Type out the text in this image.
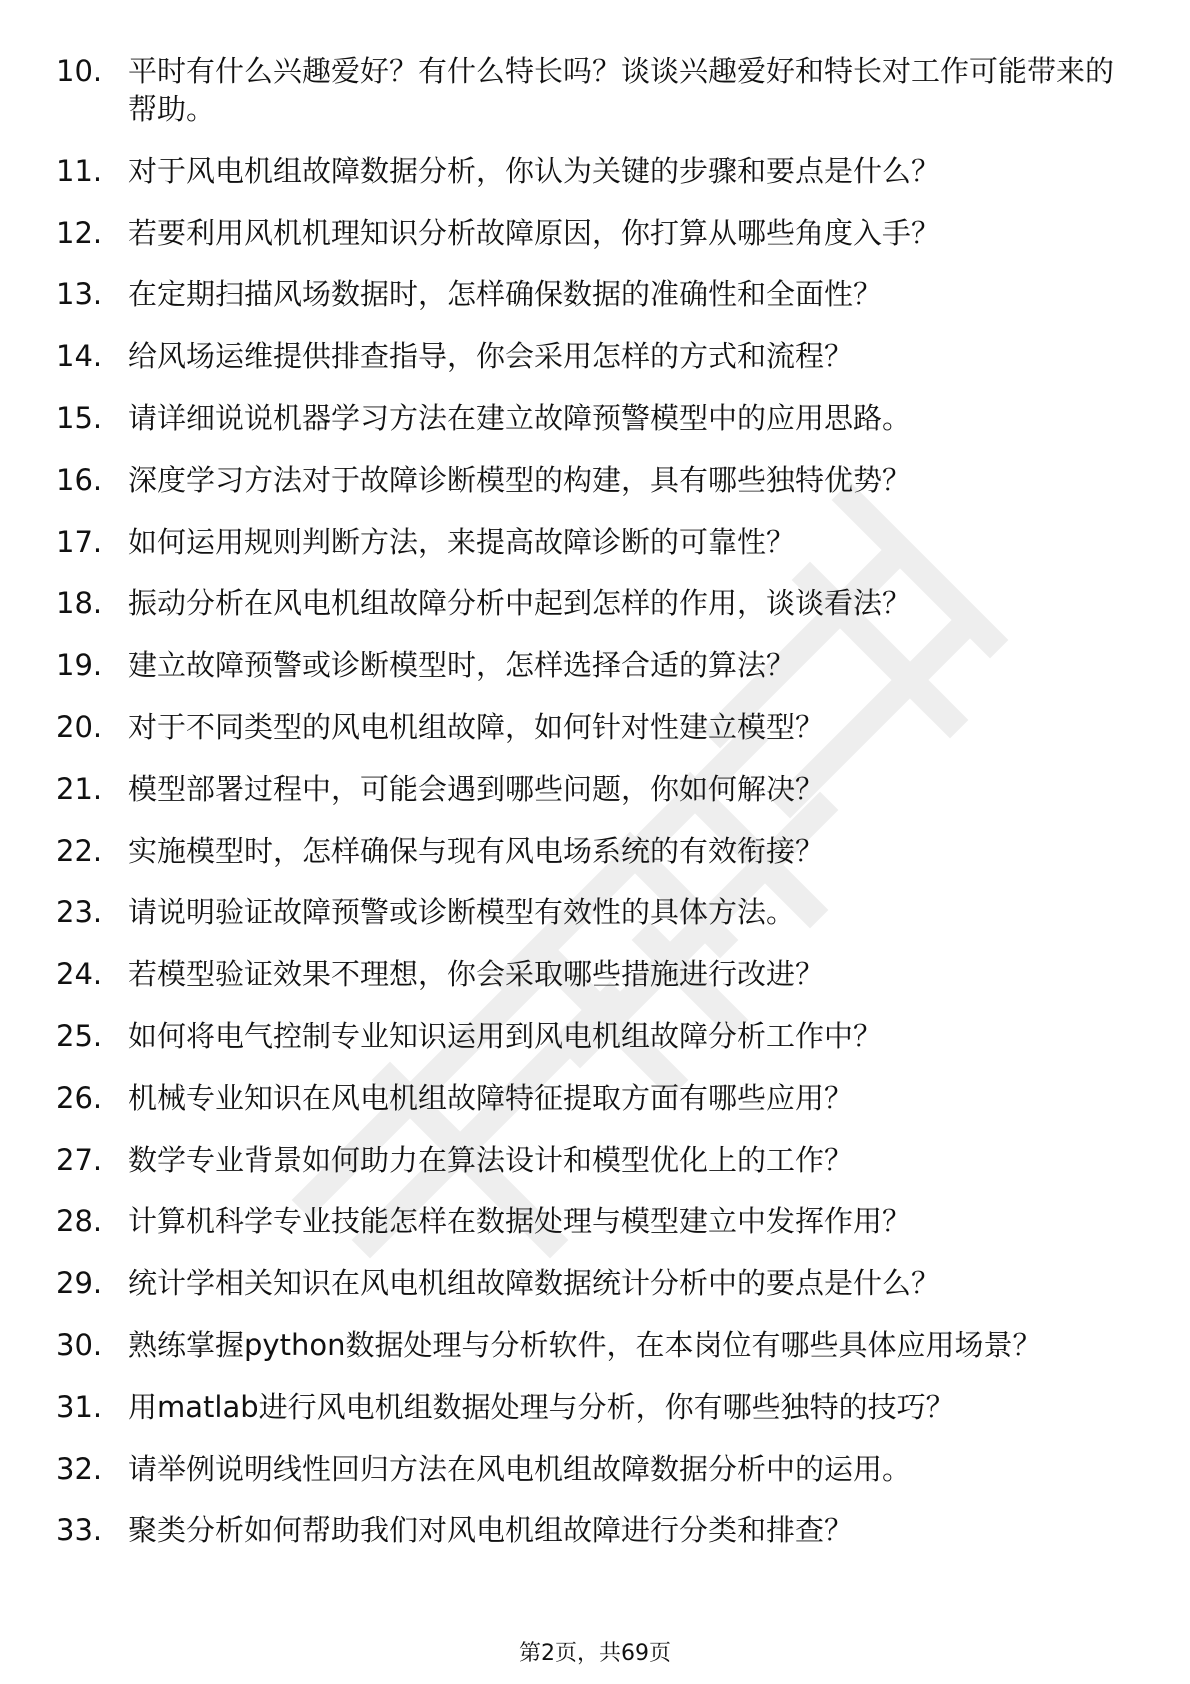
10. 平时有什么兴趣爱好？有什么特长吗？谈谈兴趣爱好和特长对工作可能带来的帮助。
11. 对于风电机组故障数据分析，你认为关键的步骤和要点是什么？
12. 若要利用风机机理知识分析故障原因，你打算从哪些角度入手？
13. 在定期扫描风场数据时，怎样确保数据的准确性和全面性？
14. 给风场运维提供排查指导，你会采用怎样的方式和流程？
15. 请详细说说机器学习方法在建立故障预警模型中的应用思路。
16. 深度学习方法对于故障诊断模型的构建，具有哪些独特优势？
17. 如何运用规则判断方法，来提高故障诊断的可靠性？
18. 振动分析在风电机组故障分析中起到怎样的作用，谈谈看法？
19. 建立故障预警或诊断模型时，怎样选择合适的算法？
20. 对于不同类型的风电机组故障，如何针对性建立模型？
21. 模型部署过程中，可能会遇到哪些问题，你如何解决？
22. 实施模型时，怎样确保与现有风电场系统的有效衔接？
23. 请说明验证故障预警或诊断模型有效性的具体方法。
24. 若模型验证效果不理想，你会采取哪些措施进行改进？
25. 如何将电气控制专业知识运用到风电机组故障分析工作中？
26. 机械专业知识在风电机组故障特征提取方面有哪些应用？
27. 数学专业背景如何助力在算法设计和模型优化上的工作？
28. 计算机科学专业技能怎样在数据处理与模型建立中发挥作用？
29. 统计学相关知识在风电机组故障数据统计分析中的要点是什么？
30. 熟练掌握python数据处理与分析软件，在本岗位有哪些具体应用场景？
31. 用matlab进行风电机组数据处理与分析，你有哪些独特的技巧？
32. 请举例说明线性回归方法在风电机组故障数据分析中的运用。
33. 聚类分析如何帮助我们对风电机组故障进行分类和排查？
第2页，共69页
